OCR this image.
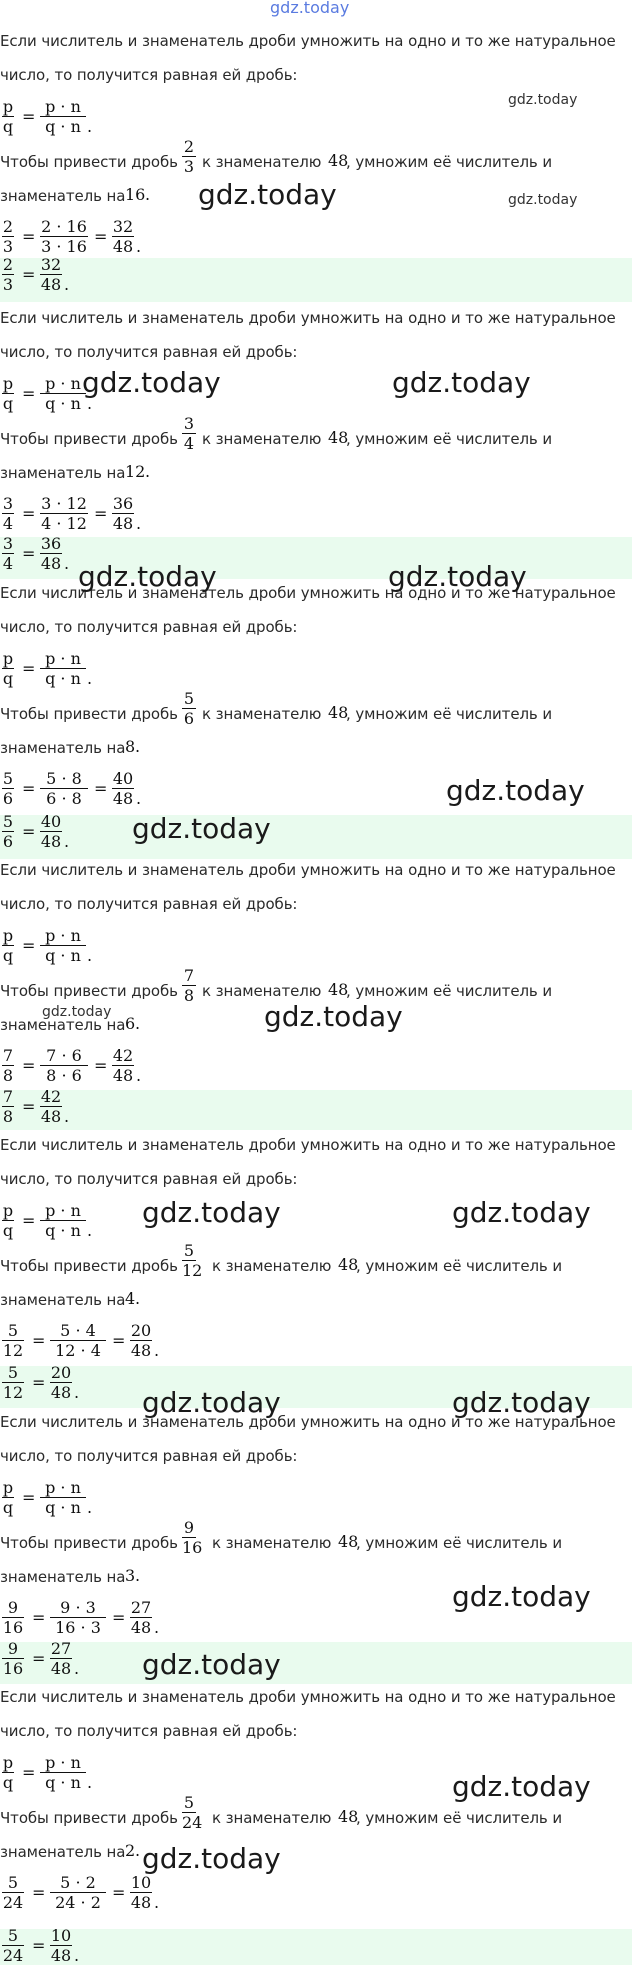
Если числитель и знаменатель дроби умножить на одно и то же натуральное
число, то получится равная ей дробь:
p
q
=
p · n
q · n .
Чтобы привести дробь
2
3 к знаменателю 48
, умножим её числитель и
знаменатель на 16 .
2
3
=
2 · 16
3 · 16
=
32
48 .
2
3
=
32
48 .
Если числитель и знаменатель дроби умножить на одно и то же натуральное
число, то получится равная ей дробь:
p
q
=
p · n
q · n .
Чтобы привести дробь
3
4 к знаменателю 48
, умножим её числитель и
знаменатель на 12 .
3
4
=
3 · 12
4 · 12
=
36
48 .
3
4
=
36
48 .
Если числитель и знаменатель дроби умножить на одно и то же натуральное
число, то получится равная ей дробь:
p
q
=
p · n
q · n .
Чтобы привести дробь
5
6 к знаменателю 48
, умножим её числитель и
знаменатель на 8 .
5
6
=
5 · 8
6 · 8
=
40
48 .
5
6
=
40
48 .
Если числитель и знаменатель дроби умножить на одно и то же натуральное
число, то получится равная ей дробь:
p
q
=
p · n
q · n .
Чтобы привести дробь
7
8 к знаменателю 48
, умножим её числитель и
знаменатель на 6 .
7
8
=
7 · 6
8 · 6
=
42
48 .
7
8
=
42
48 .
Если числитель и знаменатель дроби умножить на одно и то же натуральное
число, то получится равная ей дробь:
p
q
=
p · n
q · n .
Чтобы привести дробь
5
12 к знаменателю 48
, умножим её числитель и
знаменатель на 4 .
5
12
=
5 · 4
12 · 4
=
20
48 .
5
12
=
20
48 .
Если числитель и знаменатель дроби умножить на одно и то же натуральное
число, то получится равная ей дробь:
p
q
=
p · n
q · n .
Чтобы привести дробь
9
16 к знаменателю 48
, умножим её числитель и
знаменатель на 3 .
9
16
=
9 · 3
16 · 3
=
27
48 .
9
16
=
27
48 .
Если числитель и знаменатель дроби умножить на одно и то же натуральное
число, то получится равная ей дробь:
p
q
=
p · n
q · n .
Чтобы привести дробь
5
24 к знаменателю 48
, умножим её числитель и
знаменатель на 2 .
5
24
=
5 · 2
24 · 2
=
10
48 .
5
24
=
10
48 .
gdz.today
gdz.today
gdz.today	gdz.today
gdz.today	gdz.today
gdz.today	gdz.today
gdz.today
gdz.today
gdz.today	gdz.today
gdz.today	gdz.today
gdz.today	gdz.today
gdz.today
gdz.today
gdz.today
gdz.today
